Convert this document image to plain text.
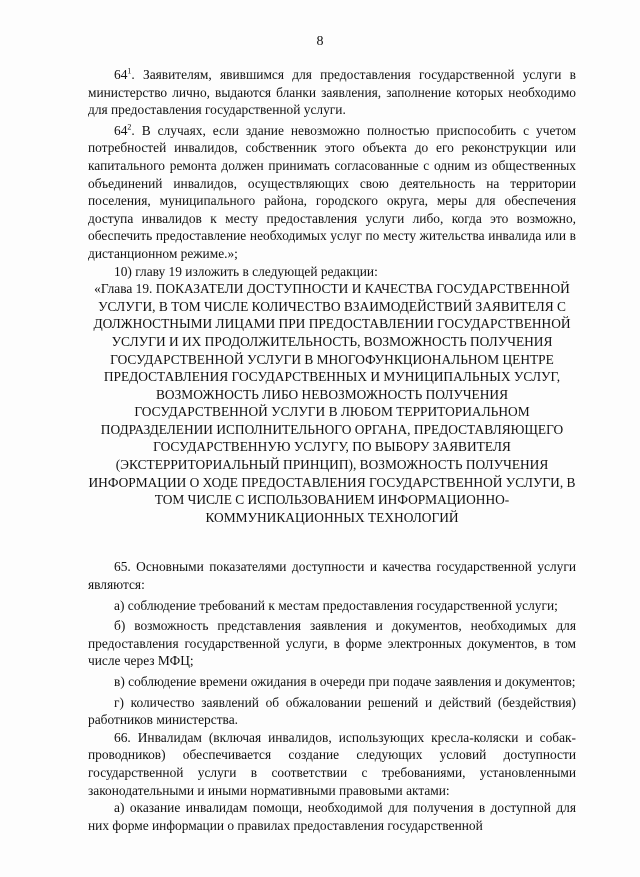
8

$64^1$. Заявителям, явившимся для предоставления государственной услуги в министерство лично, выдаются бланки заявления, заполнение которых необходимо для предоставления государственной услуги.

$64^2$. В случаях, если здание невозможно полностью приспособить с учетом потребностей инвалидов, собственник этого объекта до его реконструкции или капитального ремонта должен принимать согласованные с одним из общественных объединений инвалидов, осуществляющих свою деятельность на территории поселения, муниципального района, городского округа, меры для обеспечения доступа инвалидов к месту предоставления услуги либо, когда это возможно, обеспечить предоставление необходимых услуг по месту жительства инвалида или в дистанционном режиме.»;

10) главу 19 изложить в следующей редакции:

«Глава 19. ПОКАЗАТЕЛИ ДОСТУПНОСТИ И КАЧЕСТВА ГОСУДАРСТВЕННОЙ УСЛУГИ, В ТОМ ЧИСЛЕ КОЛИЧЕСТВО ВЗАИМОДЕЙСТВИЙ ЗАЯВИТЕЛЯ С ДОЛЖНОСТНЫМИ ЛИЦАМИ ПРИ ПРЕДОСТАВЛЕНИИ ГОСУДАРСТВЕННОЙ УСЛУГИ И ИХ ПРОДОЛЖИТЕЛЬНОСТЬ, ВОЗМОЖНОСТЬ ПОЛУЧЕНИЯ ГОСУДАРСТВЕННОЙ УСЛУГИ В МНОГОФУНКЦИОНАЛЬНОМ ЦЕНТРЕ ПРЕДОСТАВЛЕНИЯ ГОСУДАРСТВЕННЫХ И МУНИЦИПАЛЬНЫХ УСЛУГ, ВОЗМОЖНОСТЬ ЛИБО НЕВОЗМОЖНОСТЬ ПОЛУЧЕНИЯ ГОСУДАРСТВЕННОЙ УСЛУГИ В ЛЮБОМ ТЕРРИТОРИАЛЬНОМ ПОДРАЗДЕЛЕНИИ ИСПОЛНИТЕЛЬНОГО ОРГАНА, ПРЕДОСТАВЛЯЮЩЕГО ГОСУДАРСТВЕННУЮ УСЛУГУ, ПО ВЫБОРУ ЗАЯВИТЕЛЯ (ЭКСТЕРРИТОРИАЛЬНЫЙ ПРИНЦИП), ВОЗМОЖНОСТЬ ПОЛУЧЕНИЯ ИНФОРМАЦИИ О ХОДЕ ПРЕДОСТАВЛЕНИЯ ГОСУДАРСТВЕННОЙ УСЛУГИ, В ТОМ ЧИСЛЕ С ИСПОЛЬЗОВАНИЕМ ИНФОРМАЦИОННО-КОММУНИКАЦИОННЫХ ТЕХНОЛОГИЙ

65. Основными показателями доступности и качества государственной услуги являются:

а) соблюдение требований к местам предоставления государственной услуги;

б) возможность представления заявления и документов, необходимых для предоставления государственной услуги, в форме электронных документов, в том числе через МФЦ;

в) соблюдение времени ожидания в очереди при подаче заявления и документов;

г) количество заявлений об обжаловании решений и действий (бездействия) работников министерства.

66. Инвалидам (включая инвалидов, использующих кресла-коляски и собак-проводников) обеспечивается создание следующих условий доступности государственной услуги в соответствии с требованиями, установленными законодательными и иными нормативными правовыми актами:

а) оказание инвалидам помощи, необходимой для получения в доступной для них форме информации о правилах предоставления государственной
